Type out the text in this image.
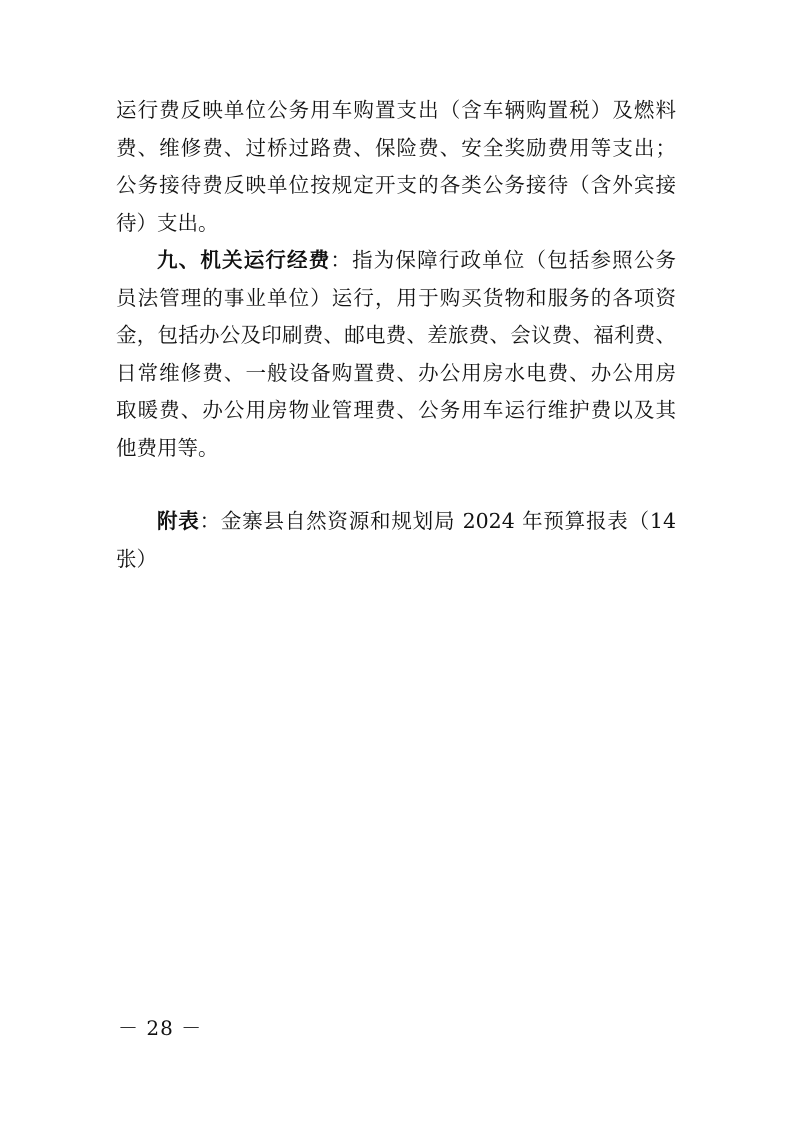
运行费反映单位公务用车购置支出（含车辆购置税）及燃料
费、维修费、过桥过路费、保险费、安全奖励费用等支出；
公务接待费反映单位按规定开支的各类公务接待（含外宾接
待）支出。
九、机关运行经费：指为保障行政单位（包括参照公务
员法管理的事业单位）运行，用于购买货物和服务的各项资
金，包括办公及印刷费、邮电费、差旅费、会议费、福利费、
日常维修费、一般设备购置费、办公用房水电费、办公用房
取暖费、办公用房物业管理费、公务用车运行维护费以及其
他费用等。
附表：金寨县自然资源和规划局 2024 年预算报表（14
张）
－ 28 －
